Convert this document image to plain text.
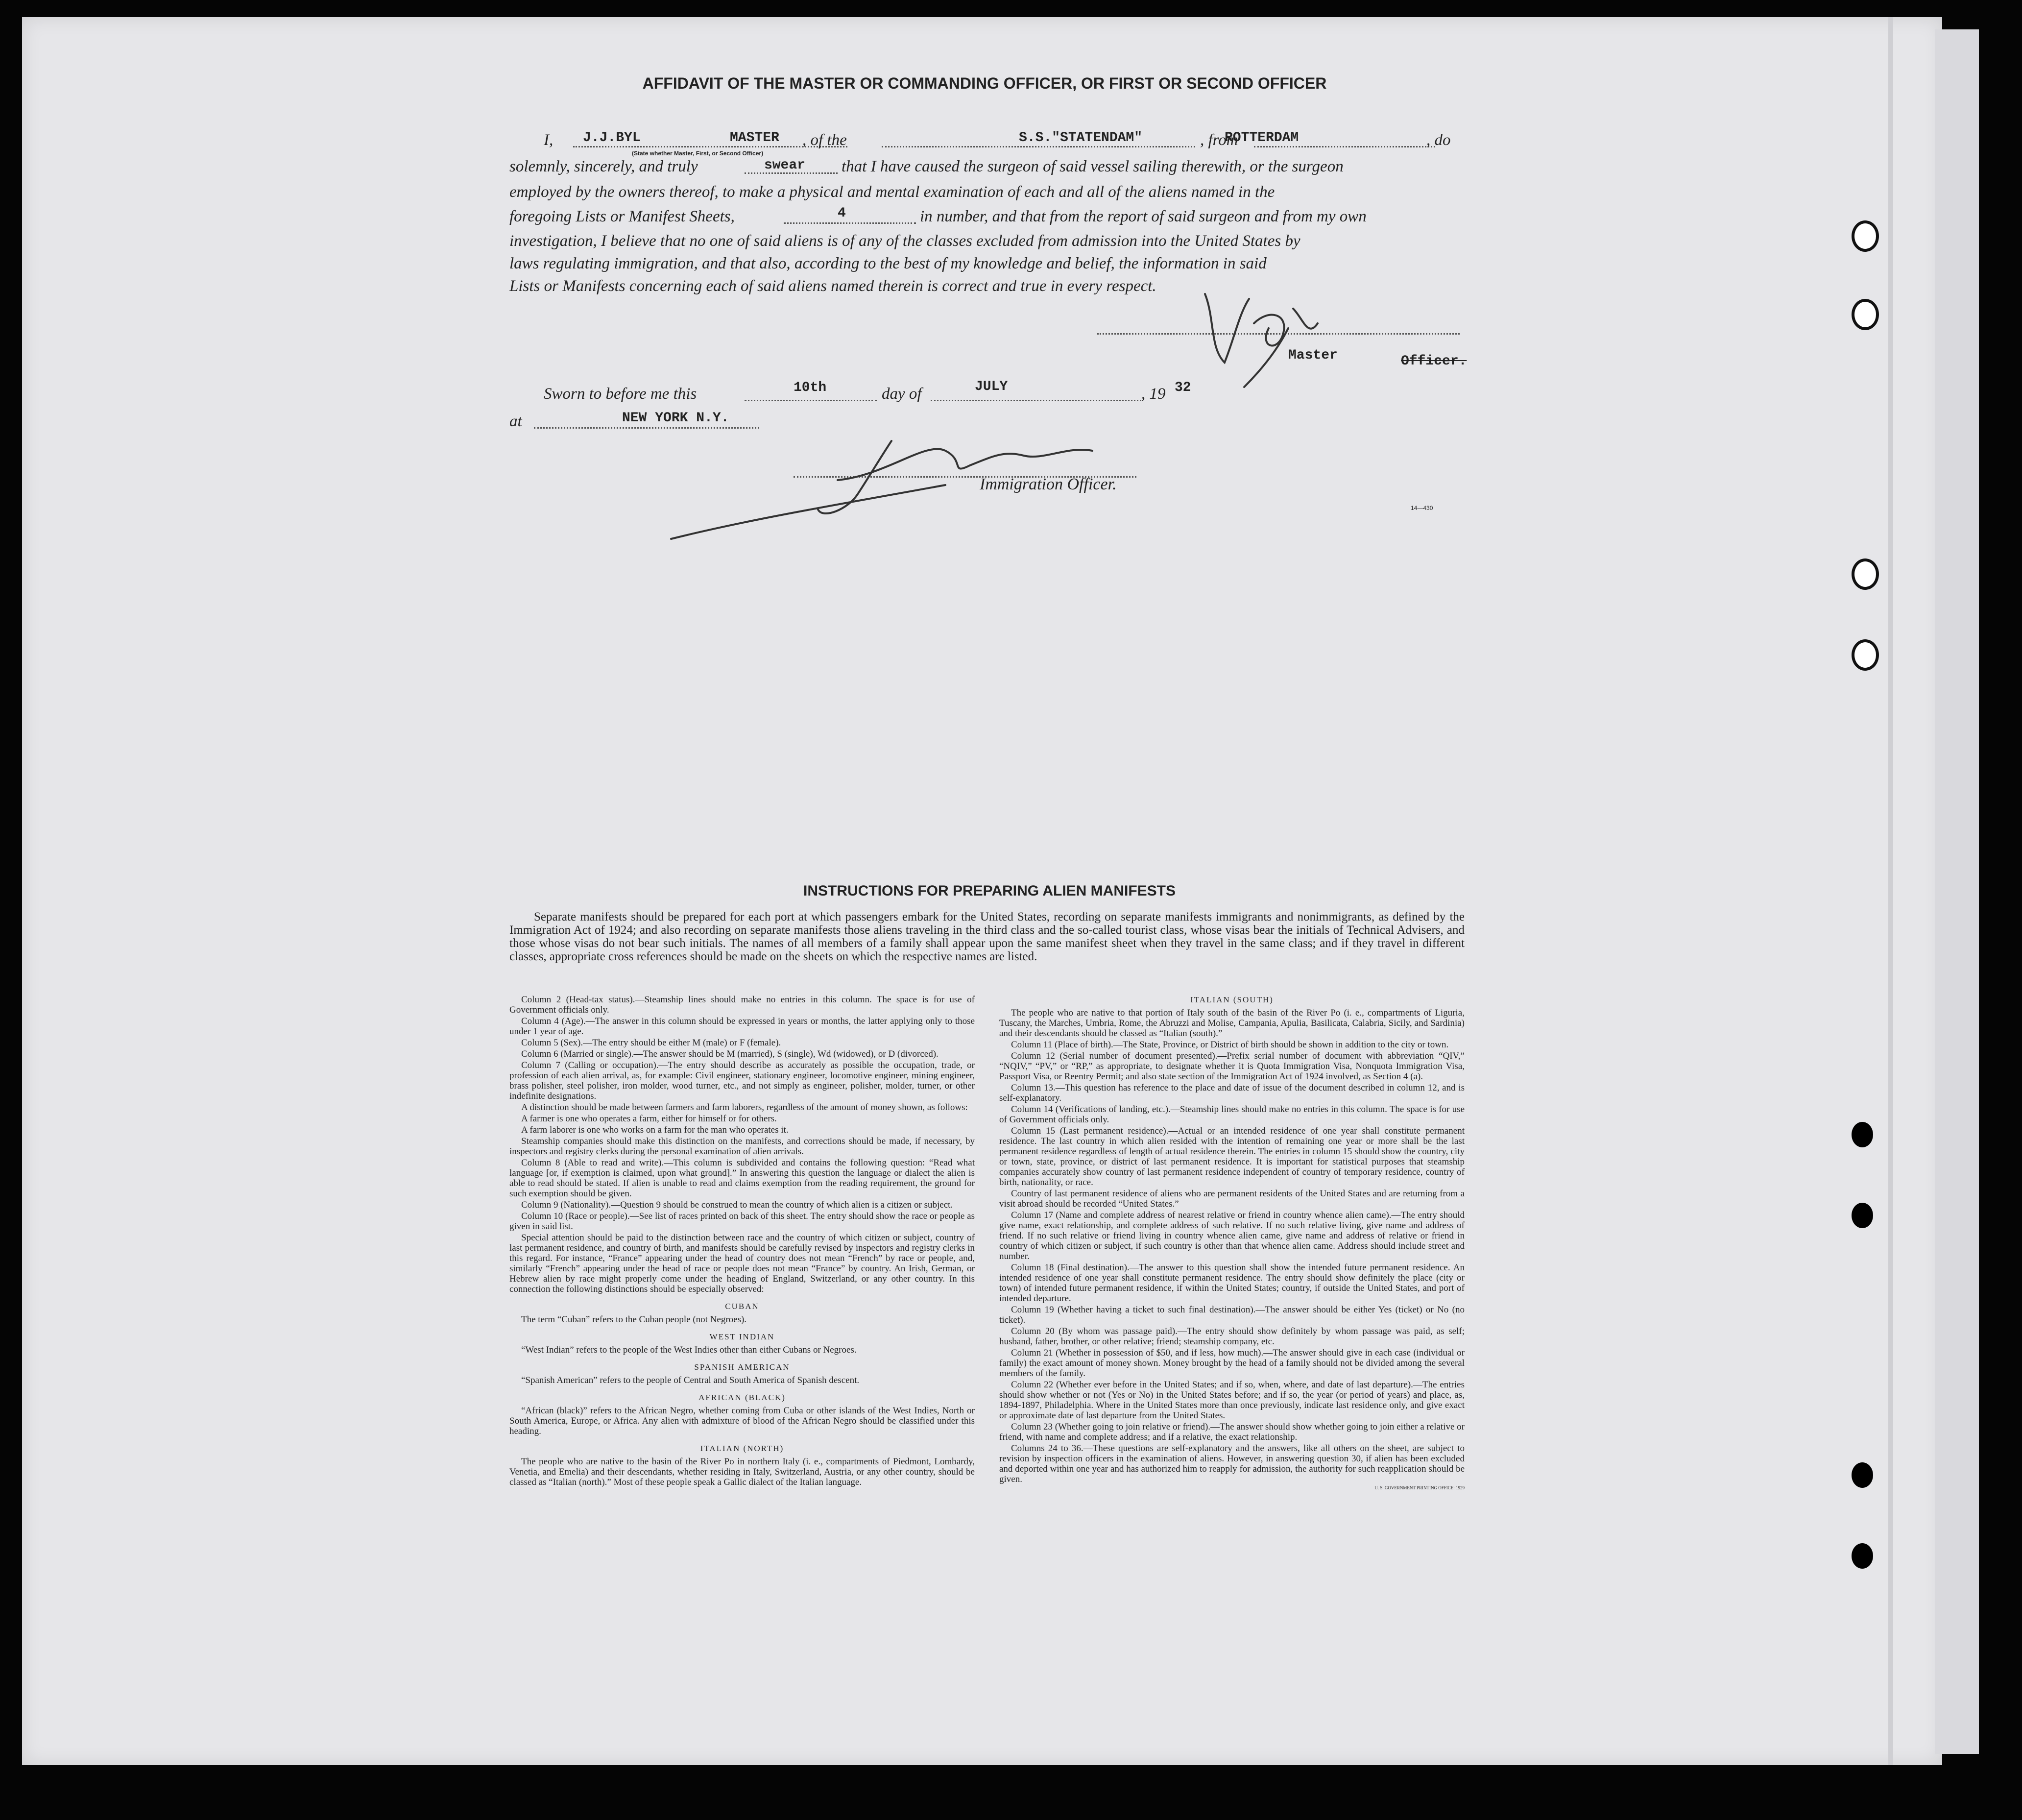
AFFIDAVIT OF THE MASTER OR COMMANDING OFFICER, OR FIRST OR SECOND OFFICER
I, J.J.BYL	MASTER
(State whether Master, First, or Second Officer)
, of the	S.S."STATENDAM"	, from
ROTTERDAM	, do
solemnly, sincerely, and truly	swear that I have caused the surgeon of said vessel sailing therewith, or the surgeon
employed by the owners thereof, to make a physical and mental examination of each and all of the aliens named in the
foregoing Lists or Manifest Sheets,	4	in number, and that from the report of said surgeon and from my own
investigation, I believe that no one of said aliens is of any of the classes excluded from admission into the United States by
laws regulating immigration, and that also, according to the best of my knowledge and belief, the information in said
Lists or Manifests concerning each of said aliens named therein is correct and true in every respect.
Master	Officer.
Sworn to before me this	10th	day of	JULY	, 19 32
at	NEW YORK N.Y.
Immigration Officer.
14—430
INSTRUCTIONS FOR PREPARING ALIEN MANIFESTS
Separate manifests should be prepared for each port at which passengers embark for the United States, recording on separate manifests immigrants and nonimmigrants, as defined by the Immigration Act of 1924; and also recording on separate manifests those aliens traveling in the third class and the so-called tourist class, whose visas bear the initials of Technical Advisers, and those whose visas do not bear such initials. The names of all members of a family shall appear upon the same manifest sheet when they travel in the same class; and if they travel in different classes, appropriate cross references should be made on the sheets on which the respective names are listed.

Column 2 (Head-tax status).—Steamship lines should make no entries in this column. The space is for use of Government officials only.

Column 4 (Age).—The answer in this column should be expressed in years or months, the latter applying only to those under 1 year of age.

Column 5 (Sex).—The entry should be either M (male) or F (female).

Column 6 (Married or single).—The answer should be M (married), S (single), Wd (widowed), or D (divorced).

Column 7 (Calling or occupation).—The entry should describe as accurately as possible the occupation, trade, or profession of each alien arrival, as, for example: Civil engineer, stationary engineer, locomotive engineer, mining engineer, brass polisher, steel polisher, iron molder, wood turner, etc., and not simply as engineer, polisher, molder, turner, or other indefinite designations.

A distinction should be made between farmers and farm laborers, regardless of the amount of money shown, as follows:

A farmer is one who operates a farm, either for himself or for others.

A farm laborer is one who works on a farm for the man who operates it.

Steamship companies should make this distinction on the manifests, and corrections should be made, if necessary, by inspectors and registry clerks during the personal examination of alien arrivals.

Column 8 (Able to read and write).—This column is subdivided and contains the following question: “Read what language [or, if exemption is claimed, upon what ground].” In answering this question the language or dialect the alien is able to read should be stated. If alien is unable to read and claims exemption from the reading requirement, the ground for such exemption should be given.

Column 9 (Nationality).—Question 9 should be construed to mean the country of which alien is a citizen or subject.

Column 10 (Race or people).—See list of races printed on back of this sheet. The entry should show the race or people as given in said list.

Special attention should be paid to the distinction between race and the country of which citizen or subject, country of last permanent residence, and country of birth, and manifests should be carefully revised by inspectors and registry clerks in this regard. For instance, “France” appearing under the head of country does not mean “French” by race or people, and, similarly “French” appearing under the head of race or people does not mean “France” by country. An Irish, German, or Hebrew alien by race might properly come under the heading of England, Switzerland, or any other country. In this connection the following distinctions should be especially observed:

CUBAN

The term “Cuban” refers to the Cuban people (not Negroes).

WEST INDIAN

“West Indian” refers to the people of the West Indies other than either Cubans or Negroes.

SPANISH AMERICAN

“Spanish American” refers to the people of Central and South America of Spanish descent.

AFRICAN (BLACK)

“African (black)” refers to the African Negro, whether coming from Cuba or other islands of the West Indies, North or South America, Europe, or Africa. Any alien with admixture of blood of the African Negro should be classified under this heading.

ITALIAN (NORTH)

The people who are native to the basin of the River Po in northern Italy (i. e., compartments of Piedmont, Lombardy, Venetia, and Emelia) and their descendants, whether residing in Italy, Switzerland, Austria, or any other country, should be classed as “Italian (north).” Most of these people speak a Gallic dialect of the Italian language.

ITALIAN (SOUTH)

The people who are native to that portion of Italy south of the basin of the River Po (i. e., compartments of Liguria, Tuscany, the Marches, Umbria, Rome, the Abruzzi and Molise, Campania, Apulia, Basilicata, Calabria, Sicily, and Sardinia) and their descendants should be classed as “Italian (south).”

Column 11 (Place of birth).—The State, Province, or District of birth should be shown in addition to the city or town.

Column 12 (Serial number of document presented).—Prefix serial number of document with abbreviation “QIV,” “NQIV,” “PV,” or “RP,” as appropriate, to designate whether it is Quota Immigration Visa, Nonquota Immigration Visa, Passport Visa, or Reentry Permit; and also state section of the Immigration Act of 1924 involved, as Section 4 (a).

Column 13.—This question has reference to the place and date of issue of the document described in column 12, and is self-explanatory.

Column 14 (Verifications of landing, etc.).—Steamship lines should make no entries in this column. The space is for use of Government officials only.

Column 15 (Last permanent residence).—Actual or an intended residence of one year shall constitute permanent residence. The last country in which alien resided with the intention of remaining one year or more shall be the last permanent residence regardless of length of actual residence therein. The entries in column 15 should show the country, city or town, state, province, or district of last permanent residence. It is important for statistical purposes that steamship companies accurately show country of last permanent residence independent of country of temporary residence, country of birth, nationality, or race.

Country of last permanent residence of aliens who are permanent residents of the United States and are returning from a visit abroad should be recorded “United States.”

Column 17 (Name and complete address of nearest relative or friend in country whence alien came).—The entry should give name, exact relationship, and complete address of such relative. If no such relative living, give name and address of friend. If no such relative or friend living in country whence alien came, give name and address of relative or friend in country of which citizen or subject, if such country is other than that whence alien came. Address should include street and number.

Column 18 (Final destination).—The answer to this question shall show the intended future permanent residence. An intended residence of one year shall constitute permanent residence. The entry should show definitely the place (city or town) of intended future permanent residence, if within the United States; country, if outside the United States, and port of intended departure.

Column 19 (Whether having a ticket to such final destination).—The answer should be either Yes (ticket) or No (no ticket).

Column 20 (By whom was passage paid).—The entry should show definitely by whom passage was paid, as self; husband, father, brother, or other relative; friend; steamship company, etc.

Column 21 (Whether in possession of $50, and if less, how much).—The answer should give in each case (individual or family) the exact amount of money shown. Money brought by the head of a family should not be divided among the several members of the family.

Column 22 (Whether ever before in the United States; and if so, when, where, and date of last departure).—The entries should show whether or not (Yes or No) in the United States before; and if so, the year (or period of years) and place, as, 1894-1897, Philadelphia. Where in the United States more than once previously, indicate last residence only, and give exact or approximate date of last departure from the United States.

Column 23 (Whether going to join relative or friend).—The answer should show whether going to join either a relative or friend, with name and complete address; and if a relative, the exact relationship.

Columns 24 to 36.—These questions are self-explanatory and the answers, like all others on the sheet, are subject to revision by inspection officers in the examination of aliens. However, in answering question 30, if alien has been excluded and deported within one year and has authorized him to reapply for admission, the authority for such reapplication should be given.

U. S. GOVERNMENT PRINTING OFFICE: 1929
